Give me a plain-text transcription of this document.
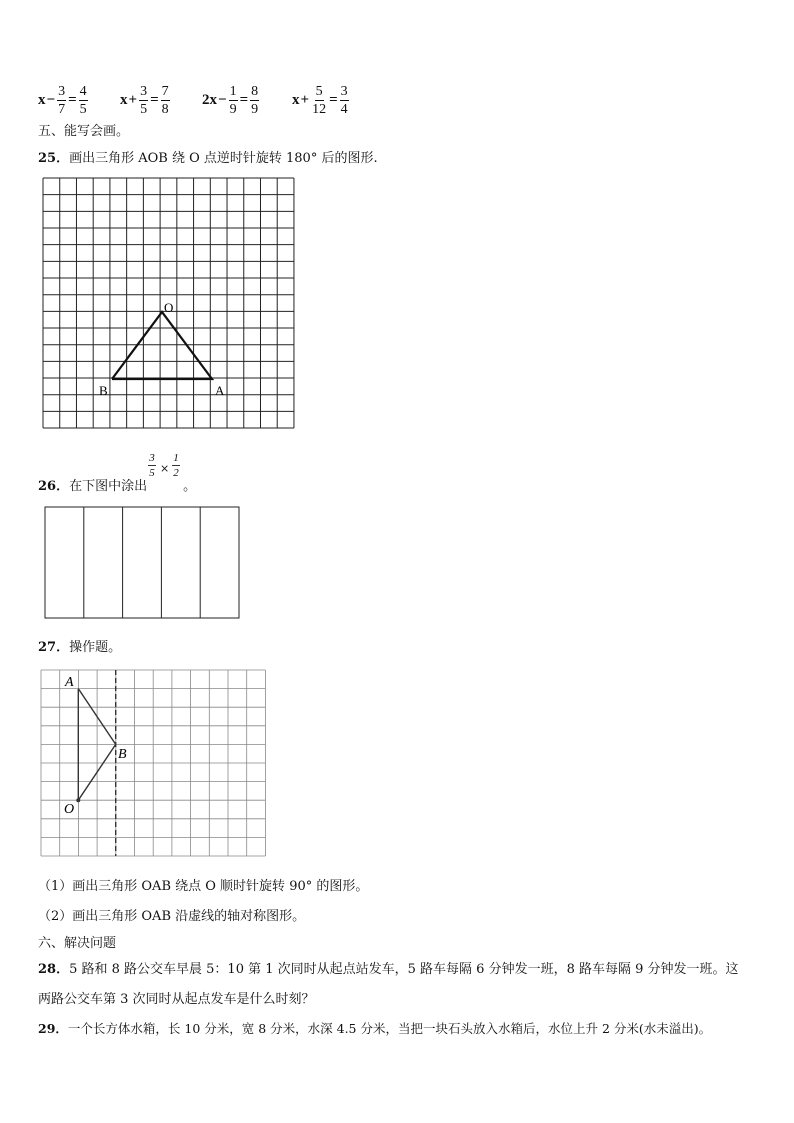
$x - \frac{3}{7} = \frac{4}{5}$ $x + \frac{3}{5} = \frac{7}{8} 2x - \frac{1}{9} = \frac{8}{9}$ $x + \frac{5}{12} = \frac{3}{4}$
五、能写会画。
25．画出三角形 AOB 绕 O 点逆时针旋转 180° 后的图形.
O
B	A
A
B
O
26．在下图中涂出	。
3
5 ×
1
2
27．操作题。
（1）画出三角形 OAB 绕点 O 顺时针旋转 90° 的图形。
（2）画出三角形 OAB 沿虚线的轴对称图形。
六、解决问题
28．5 路和 8 路公交车早晨 5：10 第 1 次同时从起点站发车，5 路车每隔 6 分钟发一班，8 路车每隔 9 分钟发一班。这
两路公交车第 3 次同时从起点发车是什么时刻？
29．一个长方体水箱，长 10 分米，宽 8 分米，水深 4.5 分米，当把一块石头放入水箱后，水位上升 2 分米(水未溢出)。
